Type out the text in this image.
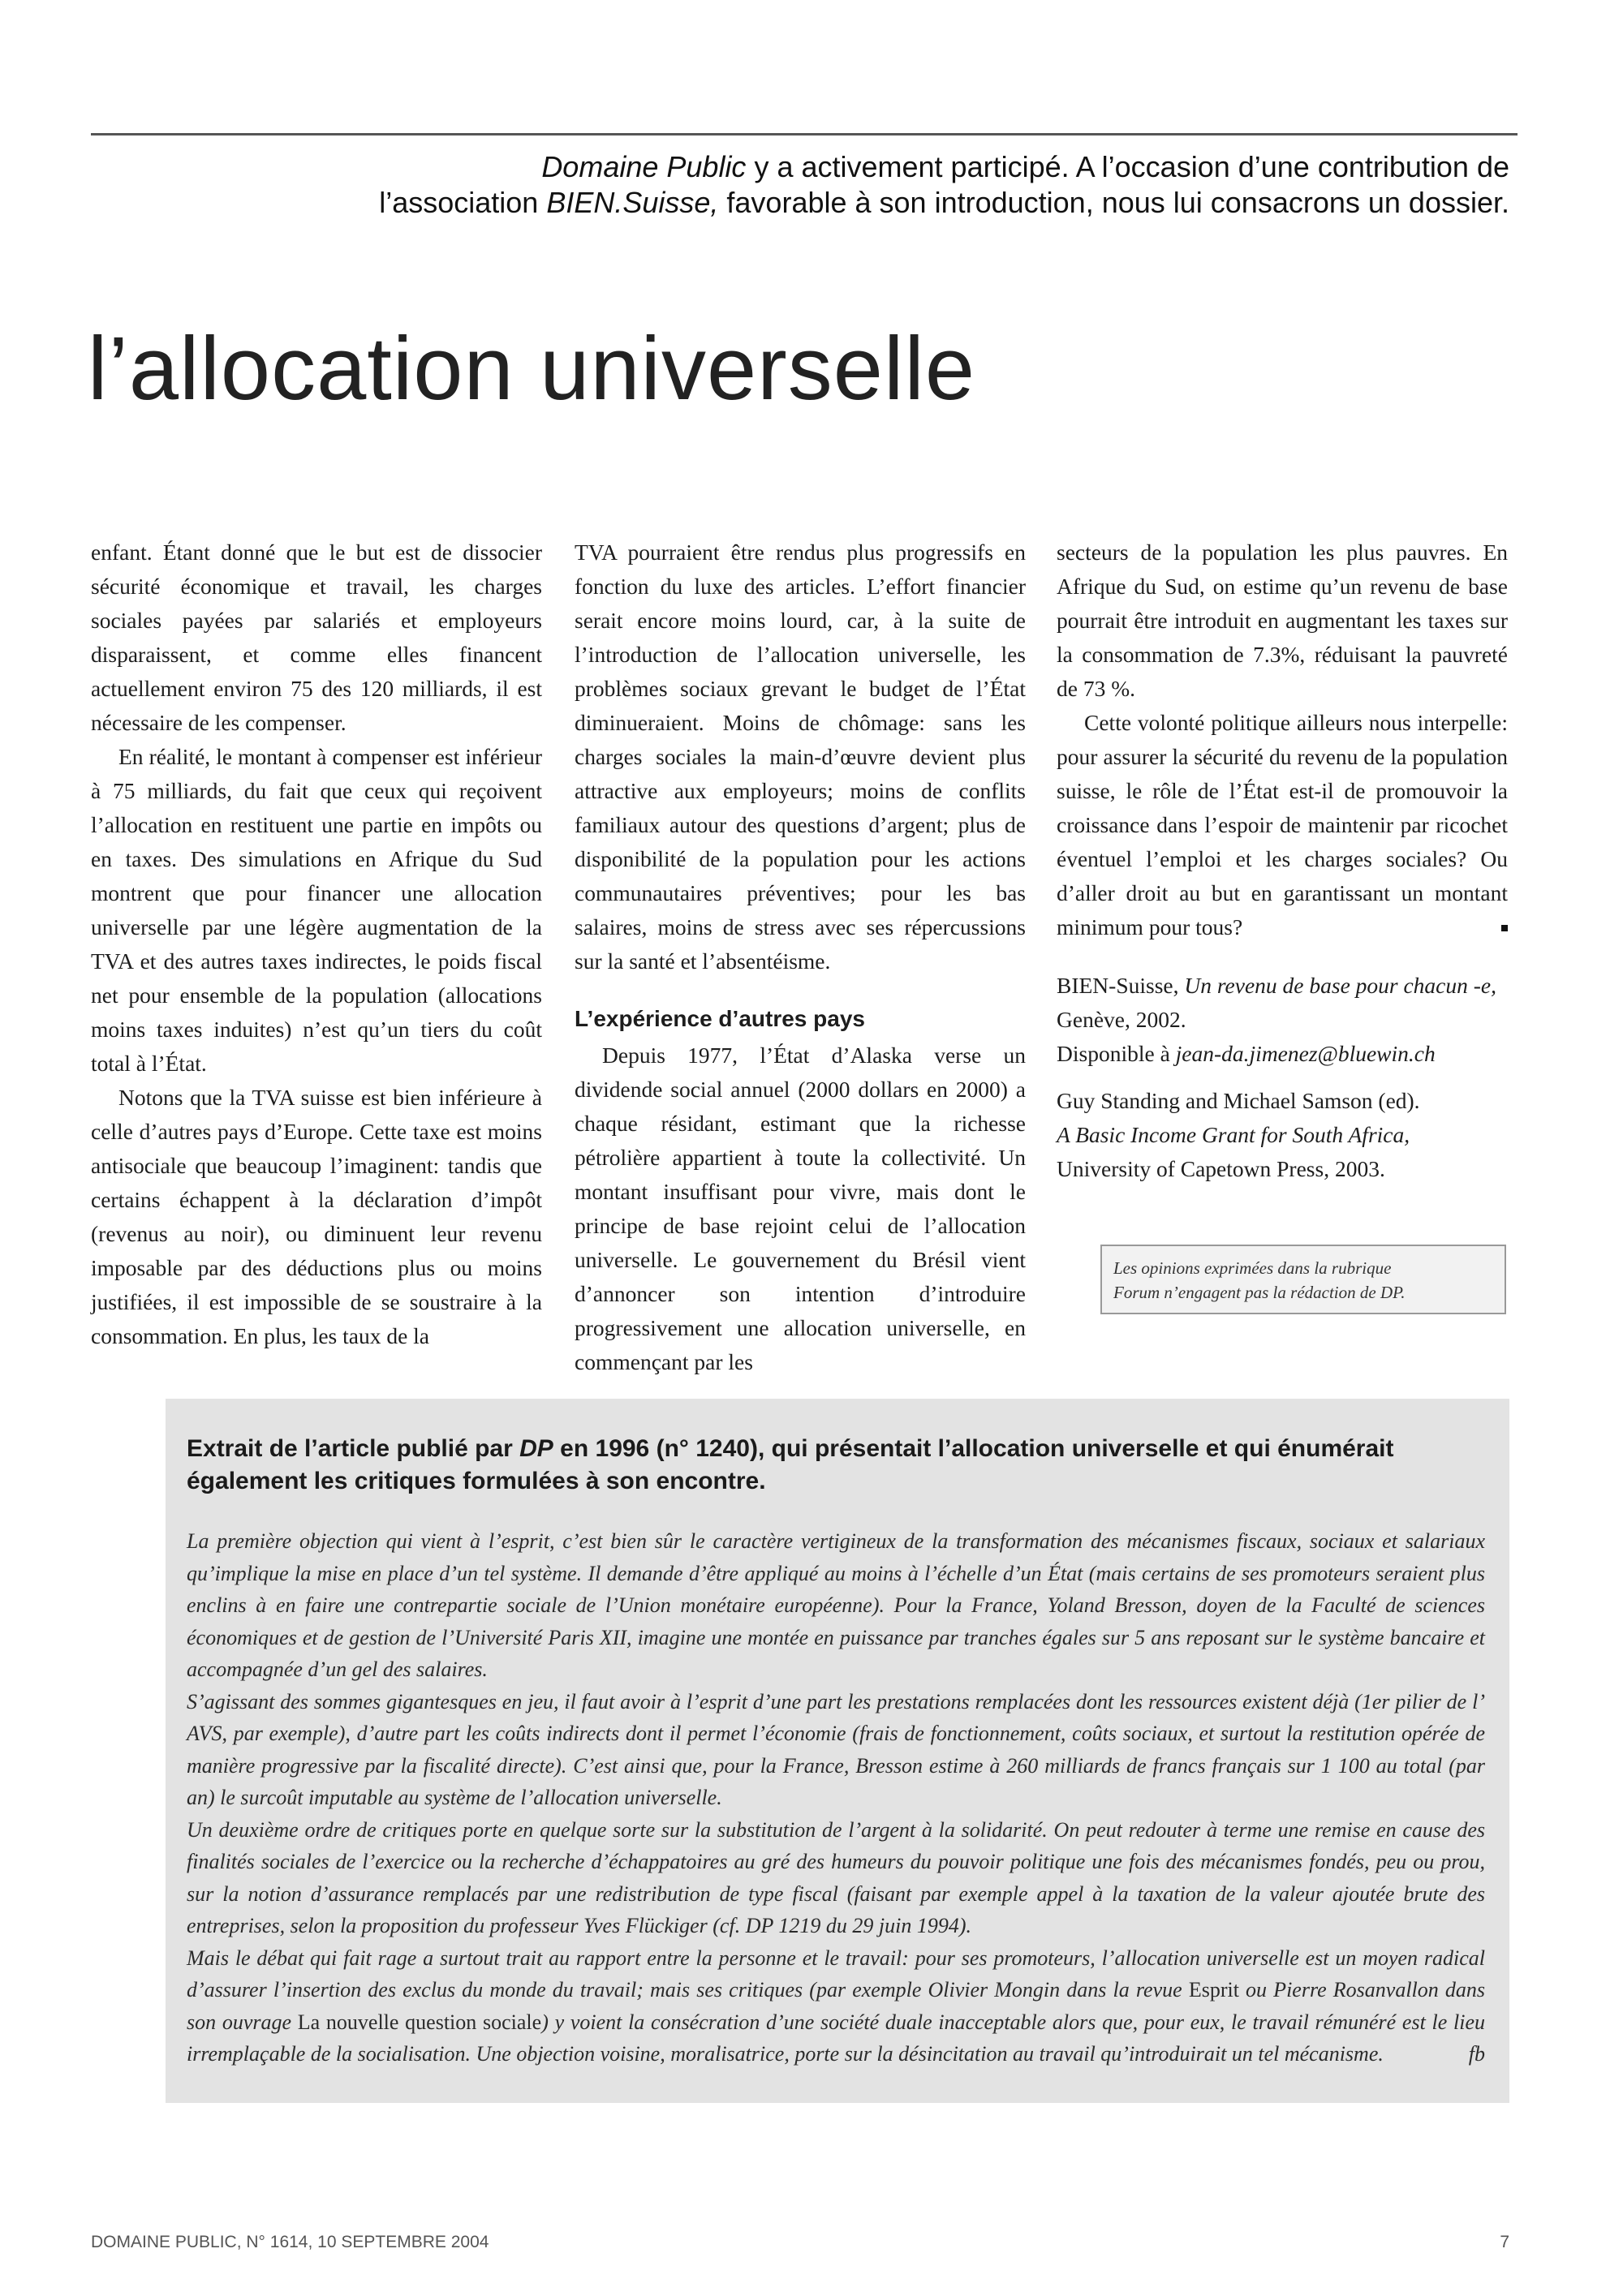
Domaine Public y a activement participé. A l’occasion d’une contribution de
l’association BIEN.Suisse, favorable à son introduction, nous lui consacrons un dossier.
l’allocation universelle

enfant. Étant donné que le but est de dissocier sécurité économique et travail, les charges sociales payées par salariés et employeurs disparaissent, et comme elles financent actuellement environ 75 des 120 milliards, il est nécessaire de les compenser.

En réalité, le montant à compenser est inférieur à 75 milliards, du fait que ceux qui reçoivent l’allocation en restituent une partie en impôts ou en taxes. Des simulations en Afrique du Sud montrent que pour financer une allocation universelle par une légère augmentation de la TVA et des autres taxes indirectes, le poids fiscal net pour ensemble de la population (allocations moins taxes induites) n’est qu’un tiers du coût total à l’État.

Notons que la TVA suisse est bien inférieure à celle d’autres pays d’Europe. Cette taxe est moins antisociale que beaucoup l’imaginent: tandis que certains échappent à la déclaration d’impôt (revenus au noir), ou diminuent leur revenu imposable par des déductions plus ou moins justifiées, il est impossible de se soustraire à la consommation. En plus, les taux de la

TVA pourraient être rendus plus progressifs en fonction du luxe des articles. L’effort financier serait encore moins lourd, car, à la suite de l’introduction de l’allocation universelle, les problèmes sociaux grevant le budget de l’État diminueraient. Moins de chômage: sans les charges sociales la main-d’œuvre devient plus attractive aux employeurs; moins de conflits familiaux autour des questions d’argent; plus de disponibilité de la population pour les actions communautaires préventives; pour les bas salaires, moins de stress avec ses répercussions sur la santé et l’absentéisme.

L’expérience d’autres pays

Depuis 1977, l’État d’Alaska verse un dividende social annuel (2000 dollars en 2000) a chaque résidant, estimant que la richesse pétrolière appartient à toute la collectivité. Un montant insuffisant pour vivre, mais dont le principe de base rejoint celui de l’allocation universelle. Le gouvernement du Brésil vient d’annoncer son intention d’introduire progressivement une allocation universelle, en commençant par les

secteurs de la population les plus pauvres. En Afrique du Sud, on estime qu’un revenu de base pourrait être introduit en augmentant les taxes sur la consommation de 7.3%, réduisant la pauvreté de 73 %.

Cette volonté politique ailleurs nous interpelle: pour assurer la sécurité du revenu de la population suisse, le rôle de l’État est-il de promouvoir la croissance dans l’espoir de maintenir par ricochet éventuel l’emploi et les charges sociales? Ou d’aller droit au but en garantissant un montant minimum pour tous?

BIEN-Suisse, Un revenu de base pour chacun -e,

Genève, 2002.

Disponible à jean-da.jimenez@bluewin.ch

Guy Standing and Michael Samson (ed).

A Basic Income Grant for South Africa,

University of Capetown Press, 2003.

Les opinions exprimées dans la rubrique
Forum n’engagent pas la rédaction de DP.
Extrait de l’article publié par DP en 1996 (n° 1240), qui présentait l’allocation universelle et qui énumérait également les critiques formulées à son encontre.

La première objection qui vient à l’esprit, c’est bien sûr le caractère vertigineux de la transformation des mécanismes fiscaux, sociaux et salariaux qu’implique la mise en place d’un tel système. Il demande d’être appliqué au moins à l’échelle d’un État (mais certains de ses promoteurs seraient plus enclins à en faire une contrepartie sociale de l’Union monétaire européenne). Pour la France, Yoland Bresson, doyen de la Faculté de sciences économiques et de gestion de l’Université Paris XII, imagine une montée en puissance par tranches égales sur 5 ans reposant sur le système bancaire et accompagnée d’un gel des salaires.

S’agissant des sommes gigantesques en jeu, il faut avoir à l’esprit d’une part les prestations remplacées dont les ressources existent déjà (1er pilier de l’ AVS, par exemple), d’autre part les coûts indirects dont il permet l’économie (frais de fonctionnement, coûts sociaux, et surtout la restitution opérée de manière progressive par la fiscalité directe). C’est ainsi que, pour la France, Bresson estime à 260 milliards de francs français sur 1 100 au total (par an) le surcoût imputable au système de l’allocation universelle.

Un deuxième ordre de critiques porte en quelque sorte sur la substitution de l’argent à la solidarité. On peut redouter à terme une remise en cause des finalités sociales de l’exercice ou la recherche d’échappatoires au gré des humeurs du pouvoir politique une fois des mécanismes fondés, peu ou prou, sur la notion d’assurance remplacés par une redistribution de type fiscal (faisant par exemple appel à la taxation de la valeur ajoutée brute des entreprises, selon la proposition du professeur Yves Flückiger (cf. DP 1219 du 29 juin 1994).

Mais le débat qui fait rage a surtout trait au rapport entre la personne et le travail: pour ses promoteurs, l’allocation universelle est un moyen radical d’assurer l’insertion des exclus du monde du travail; mais ses critiques (par exemple Olivier Mongin dans la revue Esprit ou Pierre Rosanvallon dans son ouvrage La nouvelle question sociale) y voient la consécration d’une société duale inacceptable alors que, pour eux, le travail rémunéré est le lieu irremplaçable de la socialisation. Une objection voisine, moralisatrice, porte sur la désincitation au travail qu’introduirait un tel mécanisme.	fb

DOMAINE PUBLIC, N° 1614, 10 SEPTEMBRE 2004	7
